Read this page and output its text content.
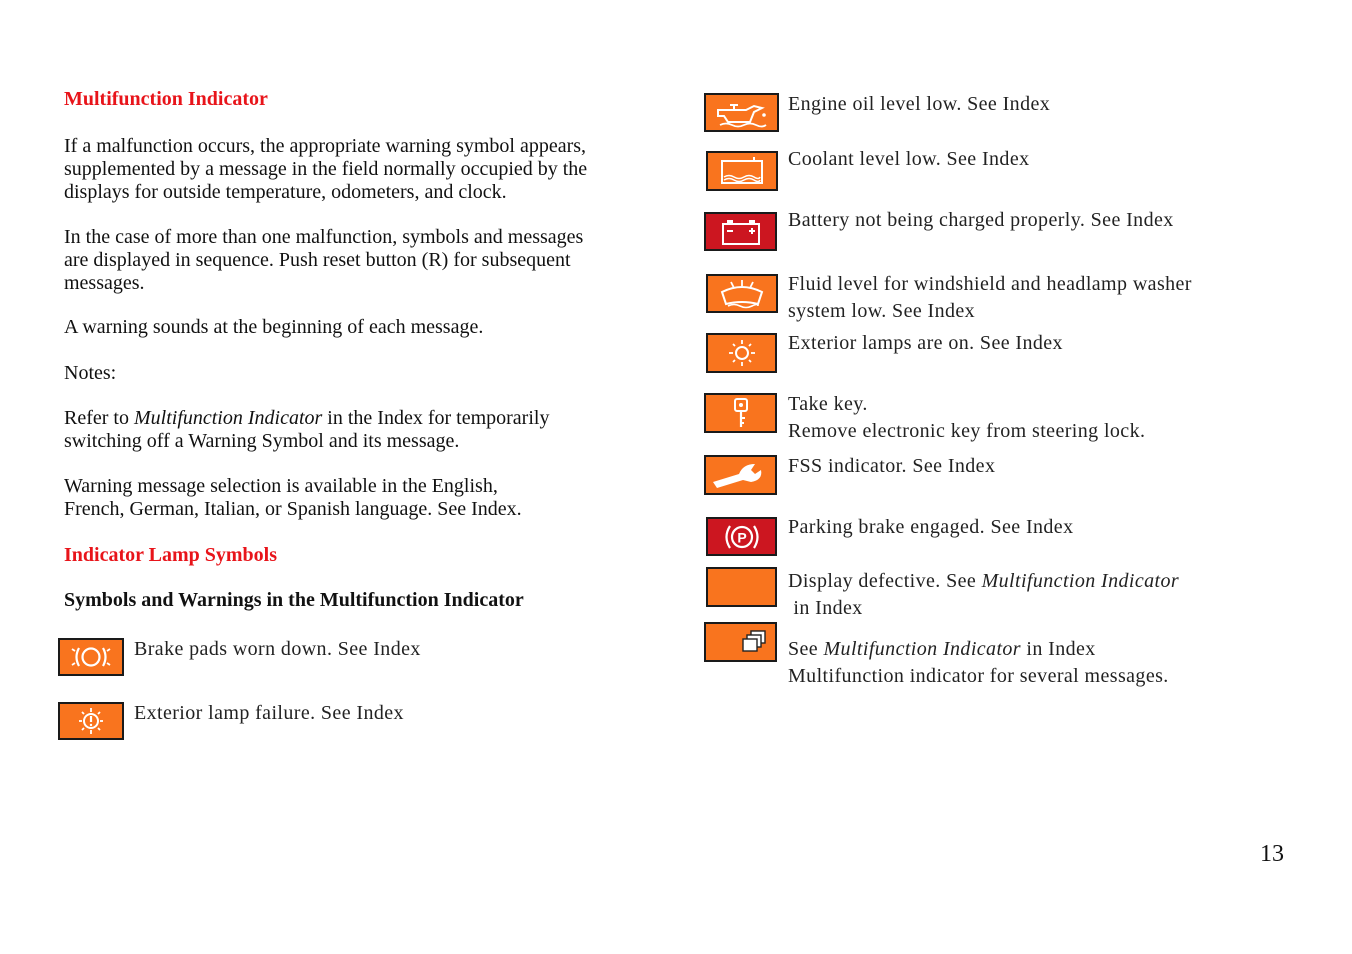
Multifunction Indicator
If a malfunction occurs, the appropriate warning symbol appears,
supplemented by a message in the field normally occupied by the
displays for outside temperature, odometers, and clock.
In the case of more than one malfunction, symbols and messages
are displayed in sequence. Push reset button (R) for subsequent
messages.
A warning sounds at the beginning of each message.
Notes:
Refer to Multifunction Indicator in the Index for temporarily
switching off a Warning Symbol and its message.
Warning message selection is available in the English,
French, German, Italian, or Spanish language. See Index.
Indicator Lamp Symbols
Symbols and Warnings in the Multifunction Indicator
Brake pads worn down. See Index
Exterior lamp failure. See Index
Engine oil level low. See Index
Coolant level low. See Index
Battery not being charged properly. See Index
Fluid level for windshield and headlamp washer
system low. See Index
Exterior lamps are on. See Index
Take key.
Remove electronic key from steering lock.
FSS indicator. See Index
P Parking brake engaged. See Index
Display defective. See Multifunction Indicator
in Index
See Multifunction Indicator in Index
Multifunction indicator for several messages.
13
